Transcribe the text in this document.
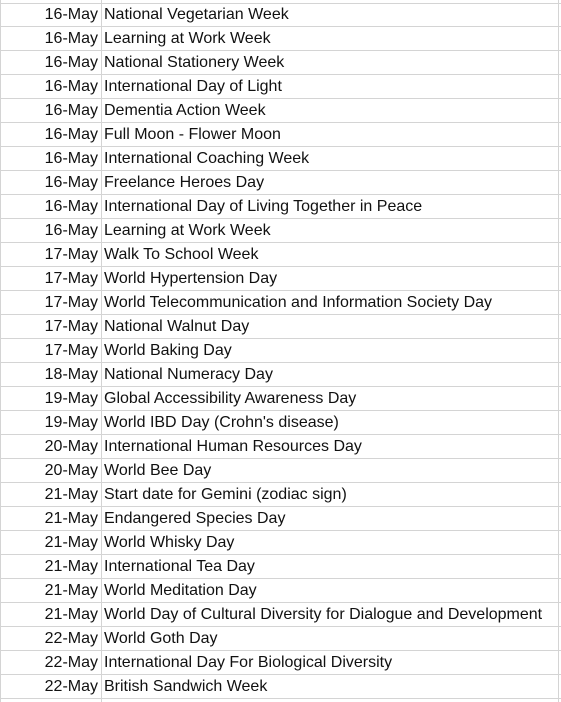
16-May National Vegetarian Week
16-May Learning at Work Week
16-May National Stationery Week
16-May International Day of Light
16-May Dementia Action Week
16-May Full Moon - Flower Moon
16-May International Coaching Week
16-May Freelance Heroes Day
16-May International Day of Living Together in Peace
16-May Learning at Work Week
17-May Walk To School Week
17-May World Hypertension Day
17-May World Telecommunication and Information Society Day
17-May National Walnut Day
17-May World Baking Day
18-May National Numeracy Day
19-May Global Accessibility Awareness Day
19-May World IBD Day (Crohn's disease)
20-May International Human Resources Day
20-May World Bee Day
21-May Start date for Gemini (zodiac sign)
21-May Endangered Species Day
21-May World Whisky Day
21-May International Tea Day
21-May World Meditation Day
21-May World Day of Cultural Diversity for Dialogue and Development
22-May World Goth Day
22-May International Day For Biological Diversity
22-May British Sandwich Week
